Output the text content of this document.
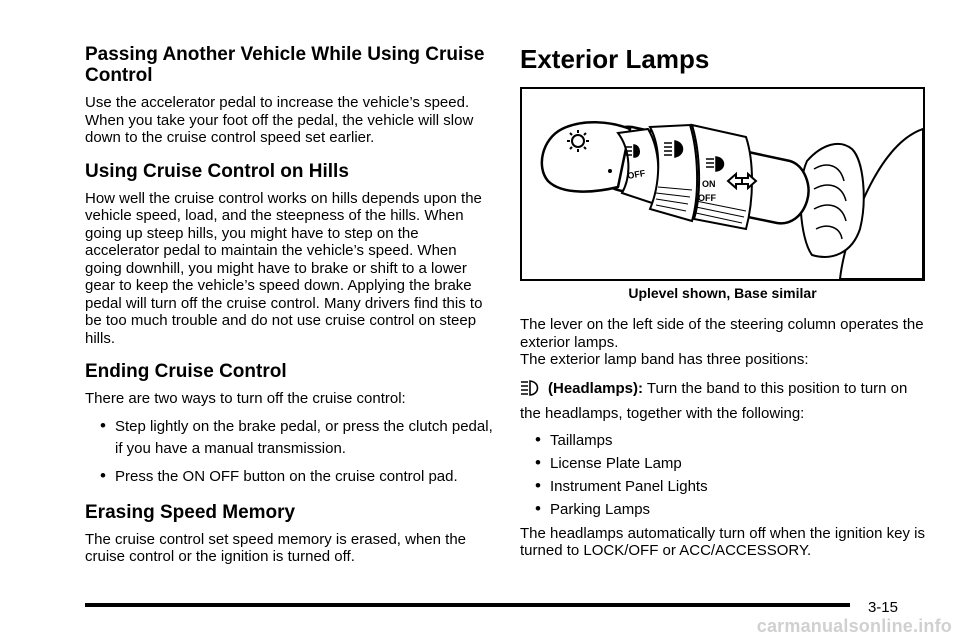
Passing Another Vehicle While Using Cruise Control

Use the accelerator pedal to increase the vehicle’s speed. When you take your foot off the pedal, the vehicle will slow down to the cruise control speed set earlier.

Using Cruise Control on Hills

How well the cruise control works on hills depends upon the vehicle speed, load, and the steepness of the hills. When going up steep hills, you might have to step on the accelerator pedal to maintain the vehicle’s speed. When going downhill, you might have to brake or shift to a lower gear to keep the vehicle’s speed down. Applying the brake pedal will turn off the cruise control. Many drivers find this to be too much trouble and do not use cruise control on steep hills.

Ending Cruise Control

There are two ways to turn off the cruise control:

• Step lightly on the brake pedal, or press the clutch pedal, if you have a manual transmission.
• Press the ON OFF button on the cruise control pad.
Erasing Speed Memory

The cruise control set speed memory is erased, when the cruise control or the ignition is turned off.

Exterior Lamps
OFF
ON
OFF
Uplevel shown, Base similar

The lever on the left side of the steering column operates the exterior lamps.

The exterior lamp band has three positions:

(Headlamps): Turn the band to this position to turn on the headlamps, together with the following:
• Taillamps
• License Plate Lamp
• Instrument Panel Lights
• Parking Lamps

The headlamps automatically turn off when the ignition key is turned to LOCK/OFF or ACC/ACCESSORY.

3-15
carmanualsonline.info
